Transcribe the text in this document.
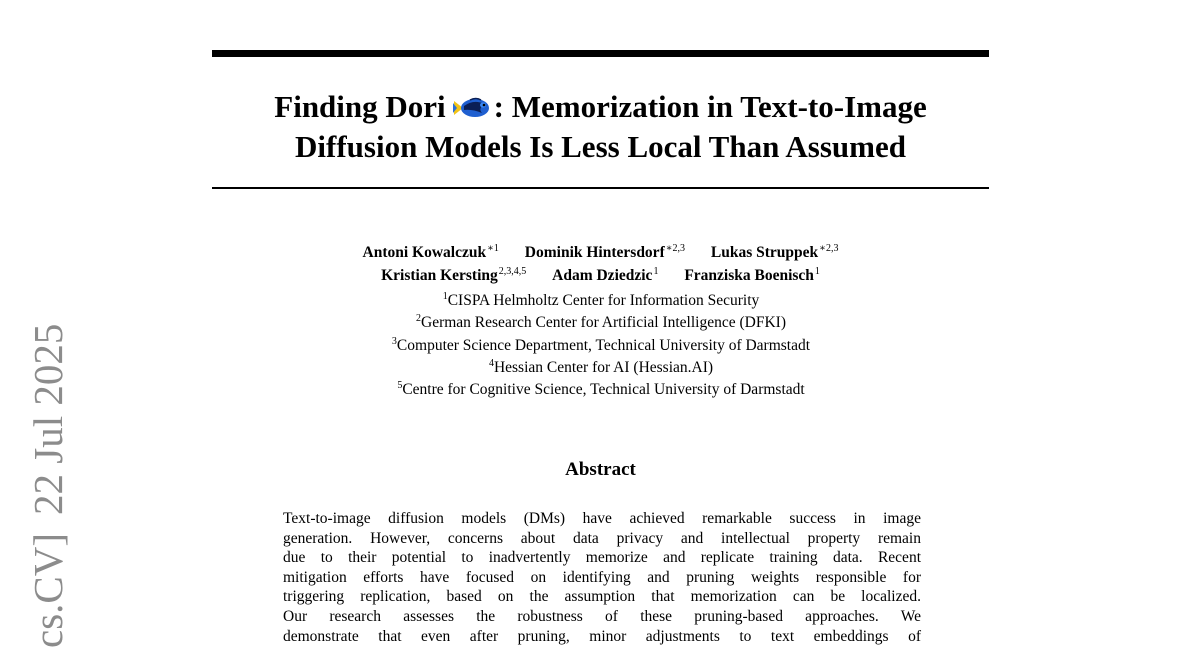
Finding Dori : Memorization in Text-to-Image
Diffusion Models Is Less Local Than Assumed
Antoni Kowalczuk$^{∗1}$ Dominik Hintersdorf$^{∗2,3}$ Lukas Struppek$^{∗2,3}$
Kristian Kersting$^{2,3,4,5}$ Adam Dziedzic$^1$ Franziska Boenisch$^1$
$^1$CISPA Helmholtz Center for Information Security
$^2$German Research Center for Artificial Intelligence (DFKI)
$^3$Computer Science Department, Technical University of Darmstadt
$^4$Hessian Center for AI (Hessian.AI)
$^5$Centre for Cognitive Science, Technical University of Darmstadt
Abstract
Text-to-image diffusion models (DMs) have achieved remarkable success in image
generation. However, concerns about data privacy and intellectual property remain
due to their potential to inadvertently memorize and replicate training data. Recent
mitigation efforts have focused on identifying and pruning weights responsible for
triggering replication, based on the assumption that memorization can be localized.
Our research assesses the robustness of these pruning-based approaches. We
demonstrate that even after pruning, minor adjustments to text embeddings of
cs.CV]22 Jul 2025
